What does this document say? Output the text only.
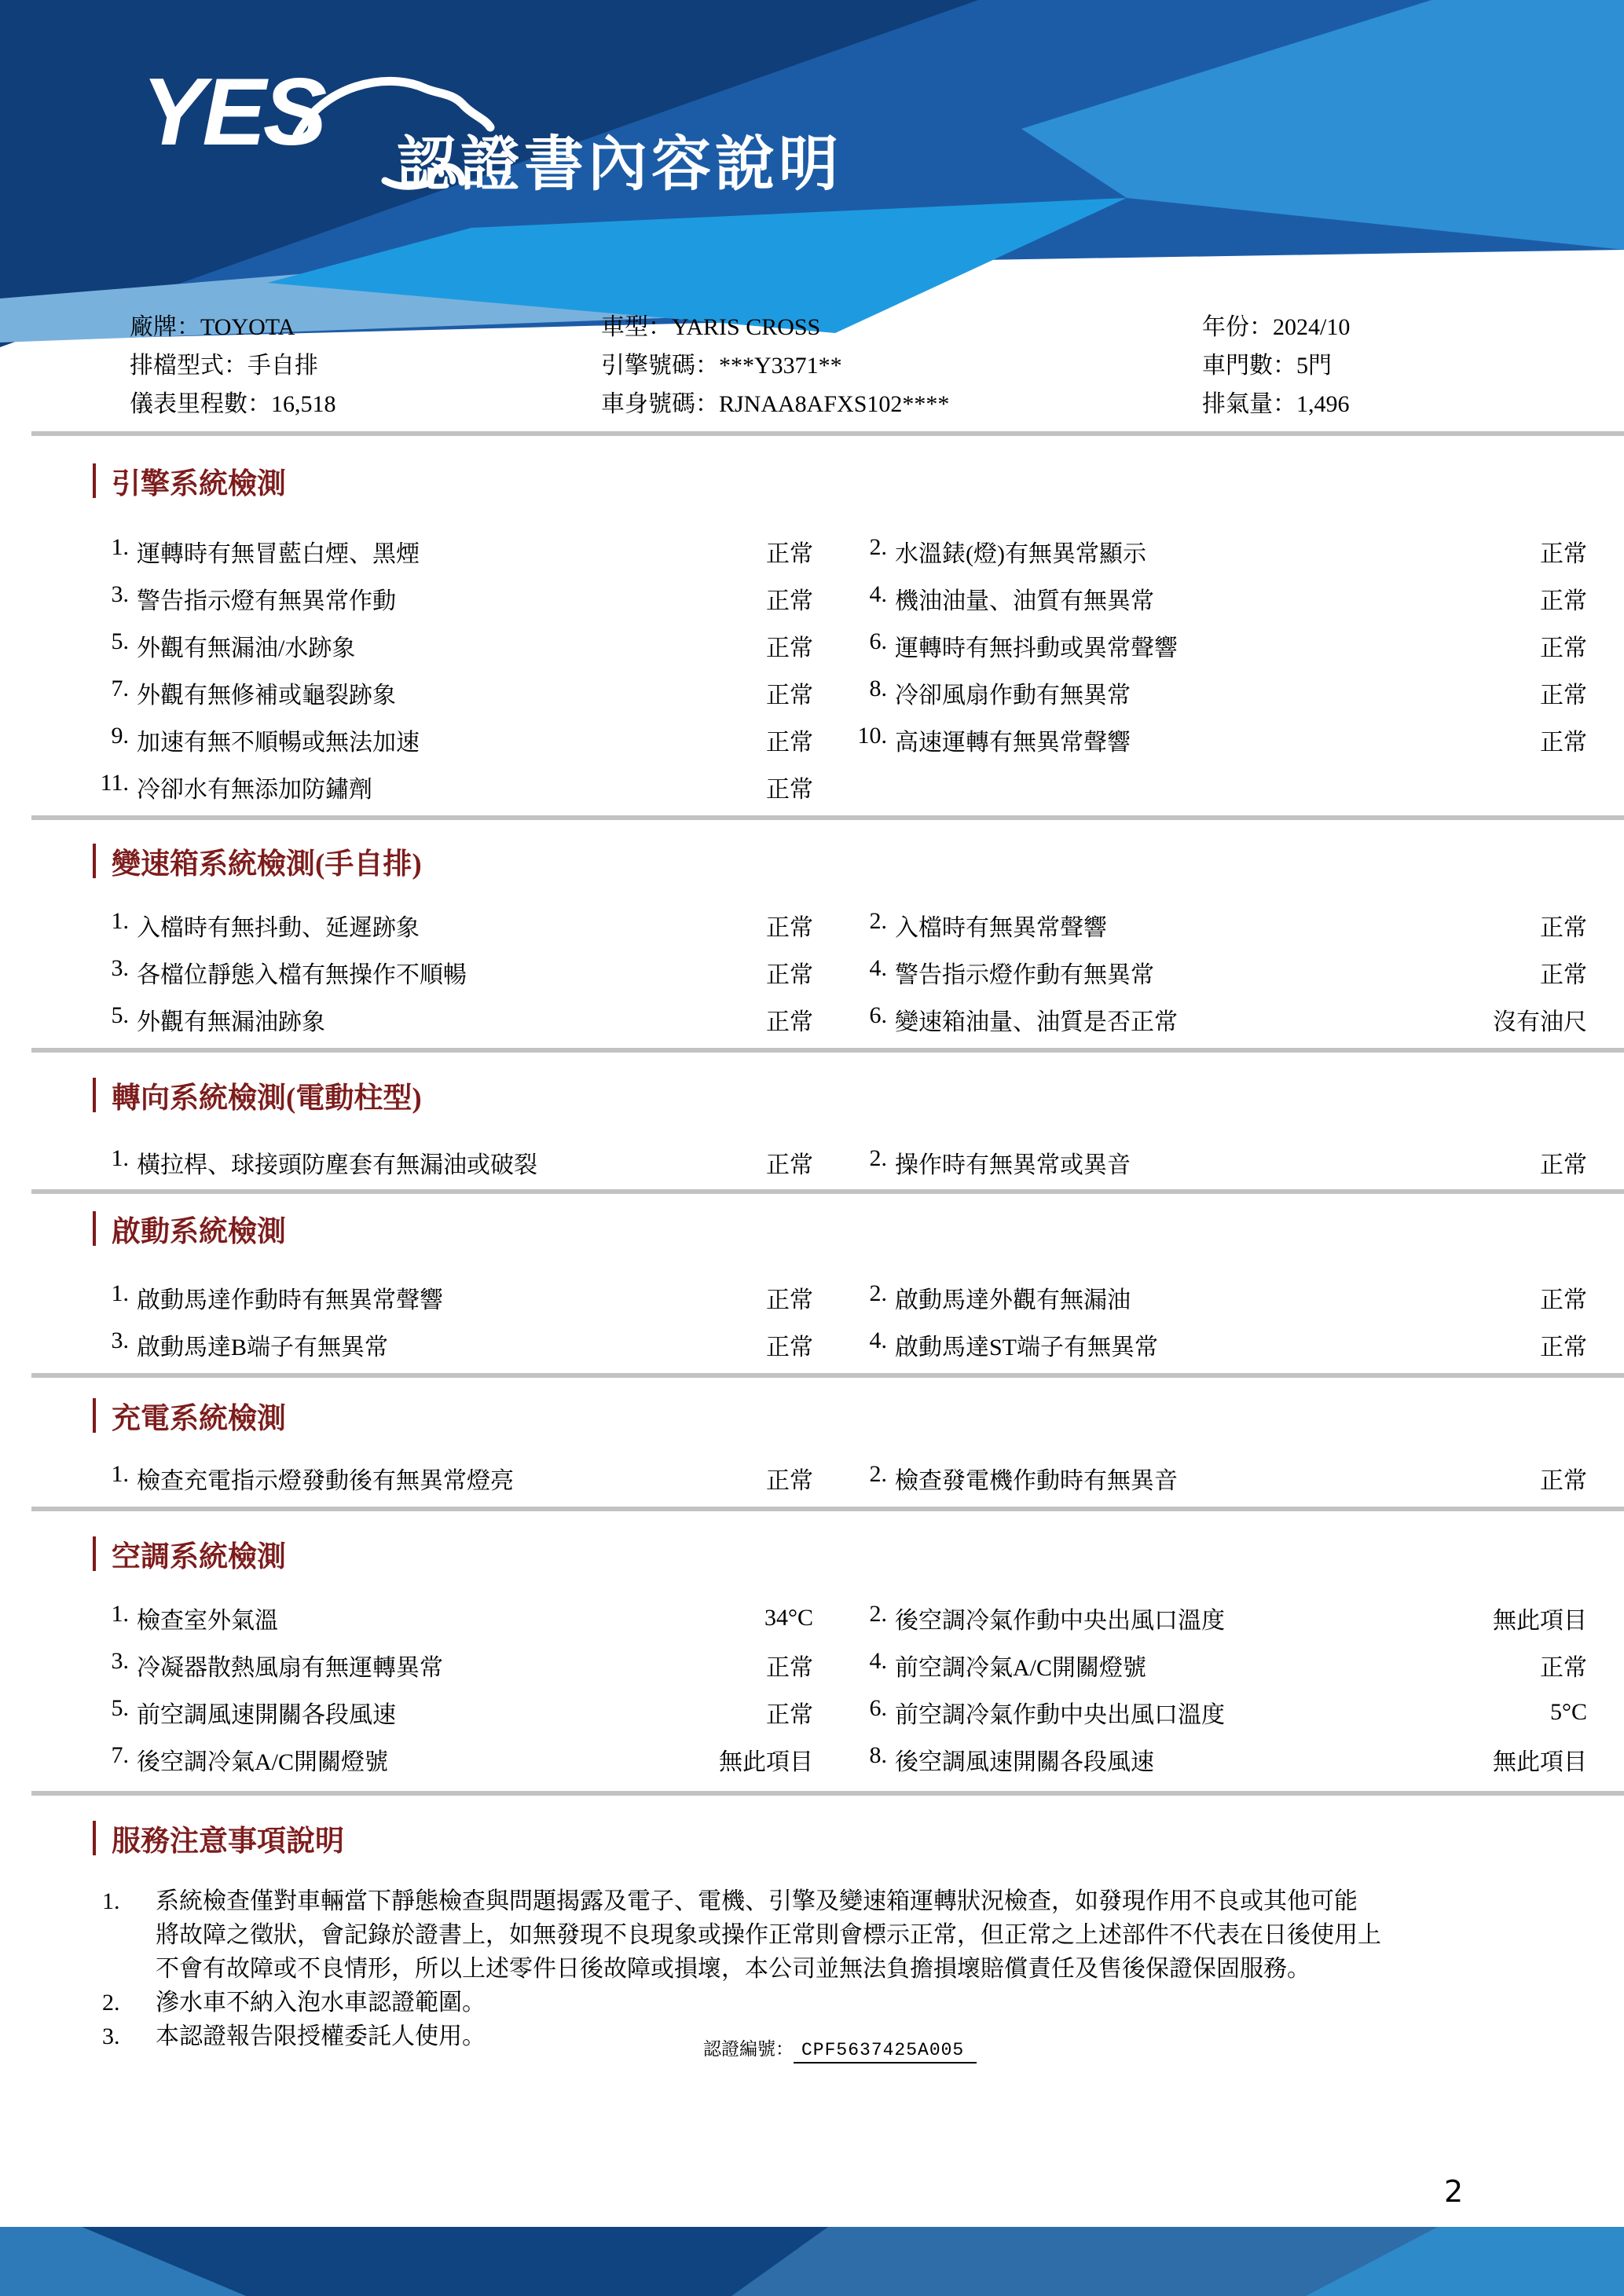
YES 認證書內容說明
廠牌：TOYOTA
排檔型式：手自排
儀表里程數：16,518
車型：YARIS CROSS
引擎號碼：***Y3371**
車身號碼：RJNAA8AFXS102****
年份：2024/10
車門數：5門
排氣量：1,496
引擎系統檢測
1. 運轉時有無冒藍白煙、黑煙	正常	2. 水溫錶(燈)有無異常顯示	正常
3. 警告指示燈有無異常作動	正常	4. 機油油量、油質有無異常	正常
5. 外觀有無漏油/水跡象	正常	6. 運轉時有無抖動或異常聲響	正常
7. 外觀有無修補或龜裂跡象	正常	8. 冷卻風扇作動有無異常	正常
9. 加速有無不順暢或無法加速	正常	10. 高速運轉有無異常聲響	正常
11. 冷卻水有無添加防鏽劑	正常
變速箱系統檢測(手自排)
1. 入檔時有無抖動、延遲跡象	正常	2. 入檔時有無異常聲響	正常
3. 各檔位靜態入檔有無操作不順暢	正常	4. 警告指示燈作動有無異常	正常
5. 外觀有無漏油跡象	正常	6. 變速箱油量、油質是否正常	沒有油尺
轉向系統檢測(電動柱型)
1. 橫拉桿、球接頭防塵套有無漏油或破裂	正常	2. 操作時有無異常或異音	正常
啟動系統檢測
1. 啟動馬達作動時有無異常聲響	正常	2. 啟動馬達外觀有無漏油	正常
3. 啟動馬達B端子有無異常	正常	4. 啟動馬達ST端子有無異常	正常
充電系統檢測
1. 檢查充電指示燈發動後有無異常燈亮	正常	2. 檢查發電機作動時有無異音	正常
空調系統檢測
1. 檢查室外氣溫	34°C	2. 後空調冷氣作動中央出風口溫度	無此項目
3. 冷凝器散熱風扇有無運轉異常	正常	4. 前空調冷氣A/C開關燈號	正常
5. 前空調風速開關各段風速	正常	6. 前空調冷氣作動中央出風口溫度	5°C
7. 後空調冷氣A/C開關燈號	無此項目	8. 後空調風速開關各段風速	無此項目
服務注意事項說明
1.	系統檢查僅對車輛當下靜態檢查與問題揭露及電子、電機、引擎及變速箱運轉狀況檢查，如發現作用不良或其他可能
將故障之徵狀，會記錄於證書上，如無發現不良現象或操作正常則會標示正常，但正常之上述部件不代表在日後使用上
不會有故障或不良情形，所以上述零件日後故障或損壞，本公司並無法負擔損壞賠償責任及售後保證保固服務。
2.	滲水車不納入泡水車認證範圍。
3.	本認證報告限授權委託人使用。	認證編號： CPF5637425A005
2
